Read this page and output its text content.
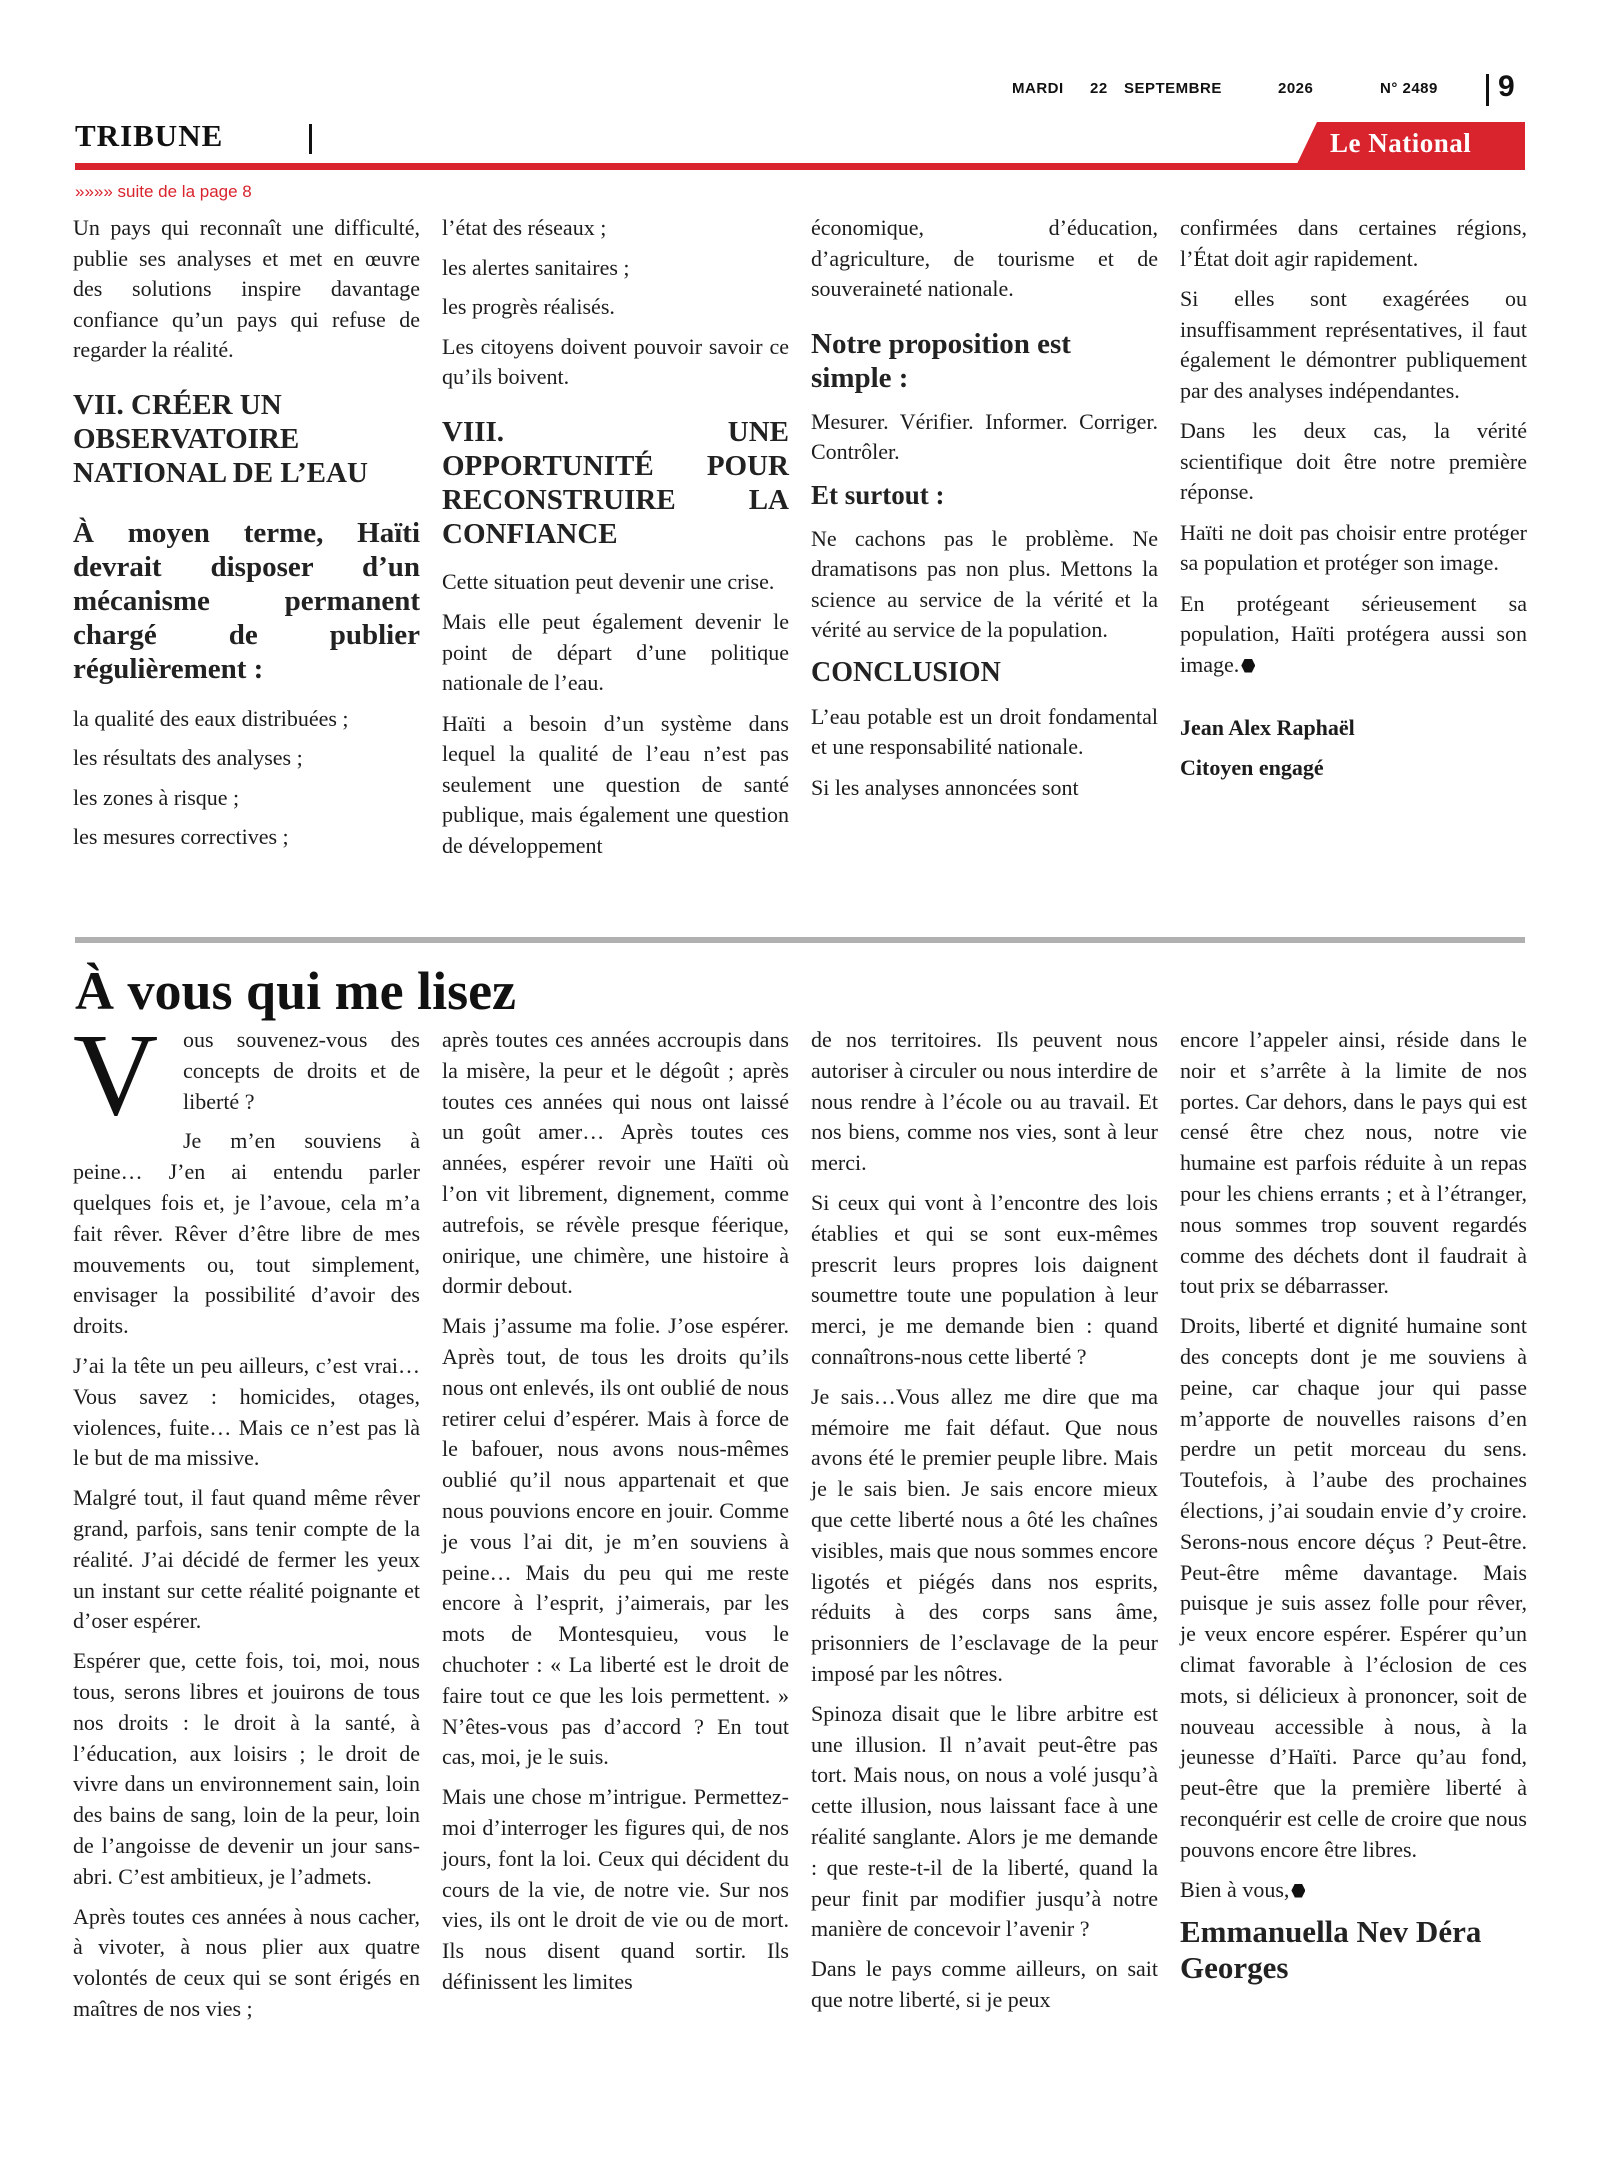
MARDI 22 SEPTEMBRE	2026	N° 2489 9
TRIBUNE	Le National
»»»» suite de la page 8

Un pays qui reconnaît une difficulté, publie ses analyses et met en œuvre des solutions inspire davantage confiance qu’un pays qui refuse de regarder la réalité.

VII. CRÉER UN OBSERVATOIRE NATIONAL DE L’EAU
À moyen terme, Haïti devrait disposer d’un mécanisme permanent chargé de publier régulièrement :

la qualité des eaux distribuées ;

les résultats des analyses ;

les zones à risque ;

les mesures correctives ;

l’état des réseaux ;

les alertes sanitaires ;

les progrès réalisés.

Les citoyens doivent pouvoir savoir ce qu’ils boivent.

VIII. UNE OPPORTUNITÉ POUR RECONSTRUIRE LA CONFIANCE

Cette situation peut devenir une crise.

Mais elle peut également devenir le point de départ d’une politique nationale de l’eau.

Haïti a besoin d’un système dans lequel la qualité de l’eau n’est pas seulement une question de santé publique, mais également une question de développement

économique, d’éducation, d’agriculture, de tourisme et de souveraineté nationale.

Notre proposition est simple :

Mesurer. Vérifier. Informer. Corriger. Contrôler.

Et surtout :

Ne cachons pas le problème. Ne dramatisons pas non plus. Mettons la science au service de la vérité et la vérité au service de la population.

CONCLUSION

L’eau potable est un droit fondamental et une responsabilité nationale.

Si les analyses annoncées sont

confirmées dans certaines régions, l’État doit agir rapidement.

Si elles sont exagérées ou insuffisamment représentatives, il faut également le démontrer publiquement par des analyses indépendantes.

Dans les deux cas, la vérité scientifique doit être notre première réponse.

Haïti ne doit pas choisir entre protéger sa population et protéger son image.

En protégeant sérieusement sa population, Haïti protégera aussi son image.

Jean Alex Raphaël

Citoyen engagé

À vous qui me lisez

V	ous souvenez-vous des concepts de droits et de liberté ?

Je m’en souviens à peine… J’en ai entendu parler quelques fois et, je l’avoue, cela m’a fait rêver. Rêver d’être libre de mes mouvements ou, tout simplement, envisager la possibilité d’avoir des droits.

J’ai la tête un peu ailleurs, c’est vrai… Vous savez : homicides, otages, violences, fuite… Mais ce n’est pas là le but de ma missive.

Malgré tout, il faut quand même rêver grand, parfois, sans tenir compte de la réalité. J’ai décidé de fermer les yeux un instant sur cette réalité poignante et d’oser espérer.

Espérer que, cette fois, toi, moi, nous tous, serons libres et jouirons de tous nos droits : le droit à la santé, à l’éducation, aux loisirs ; le droit de vivre dans un environnement sain, loin des bains de sang, loin de la peur, loin de l’angoisse de devenir un jour sans-abri. C’est ambitieux, je l’admets.

Après toutes ces années à nous cacher, à vivoter, à nous plier aux quatre volontés de ceux qui se sont érigés en maîtres de nos vies ;

après toutes ces années accroupis dans la misère, la peur et le dégoût ; après toutes ces années qui nous ont laissé un goût amer… Après toutes ces années, espérer revoir une Haïti où l’on vit librement, dignement, comme autrefois, se révèle presque féerique, onirique, une chimère, une histoire à dormir debout.

Mais j’assume ma folie. J’ose espérer. Après tout, de tous les droits qu’ils nous ont enlevés, ils ont oublié de nous retirer celui d’espérer. Mais à force de le bafouer, nous avons nous-mêmes oublié qu’il nous appartenait et que nous pouvions encore en jouir. Comme je vous l’ai dit, je m’en souviens à peine… Mais du peu qui me reste encore à l’esprit, j’aimerais, par les mots de Montesquieu, vous le chuchoter : « La liberté est le droit de faire tout ce que les lois permettent. » N’êtes-vous pas d’accord ? En tout cas, moi, je le suis.

Mais une chose m’intrigue. Permettez-moi d’interroger les figures qui, de nos jours, font la loi. Ceux qui décident du cours de la vie, de notre vie. Sur nos vies, ils ont le droit de vie ou de mort. Ils nous disent quand sortir. Ils définissent les limites

de nos territoires. Ils peuvent nous autoriser à circuler ou nous interdire de nous rendre à l’école ou au travail. Et nos biens, comme nos vies, sont à leur merci.

Si ceux qui vont à l’encontre des lois établies et qui se sont eux-mêmes prescrit leurs propres lois daignent soumettre toute une population à leur merci, je me demande bien : quand connaîtrons-nous cette liberté ?

Je sais…Vous allez me dire que ma mémoire me fait défaut. Que nous avons été le premier peuple libre. Mais je le sais bien. Je sais encore mieux que cette liberté nous a ôté les chaînes visibles, mais que nous sommes encore ligotés et piégés dans nos esprits, réduits à des corps sans âme, prisonniers de l’esclavage de la peur imposé par les nôtres.

Spinoza disait que le libre arbitre est une illusion. Il n’avait peut-être pas tort. Mais nous, on nous a volé jusqu’à cette illusion, nous laissant face à une réalité sanglante. Alors je me demande : que reste-t-il de la liberté, quand la peur finit par modifier jusqu’à notre manière de concevoir l’avenir ?

Dans le pays comme ailleurs, on sait que notre liberté, si je peux

encore l’appeler ainsi, réside dans le noir et s’arrête à la limite de nos portes. Car dehors, dans le pays qui est censé être chez nous, notre vie humaine est parfois réduite à un repas pour les chiens errants ; et à l’étranger, nous sommes trop souvent regardés comme des déchets dont il faudrait à tout prix se débarrasser.

Droits, liberté et dignité humaine sont des concepts dont je me souviens à peine, car chaque jour qui passe m’apporte de nouvelles raisons d’en perdre un petit morceau du sens. Toutefois, à l’aube des prochaines élections, j’ai soudain envie d’y croire. Serons-nous encore déçus ? Peut-être. Peut-être même davantage. Mais puisque je suis assez folle pour rêver, je veux encore espérer. Espérer qu’un climat favorable à l’éclosion de ces mots, si délicieux à prononcer, soit de nouveau accessible à nous, à la jeunesse d’Haïti. Parce qu’au fond, peut-être que la première liberté à reconquérir est celle de croire que nous pouvons encore être libres.

Bien à vous,

Emmanuella Nev Déra Georges
